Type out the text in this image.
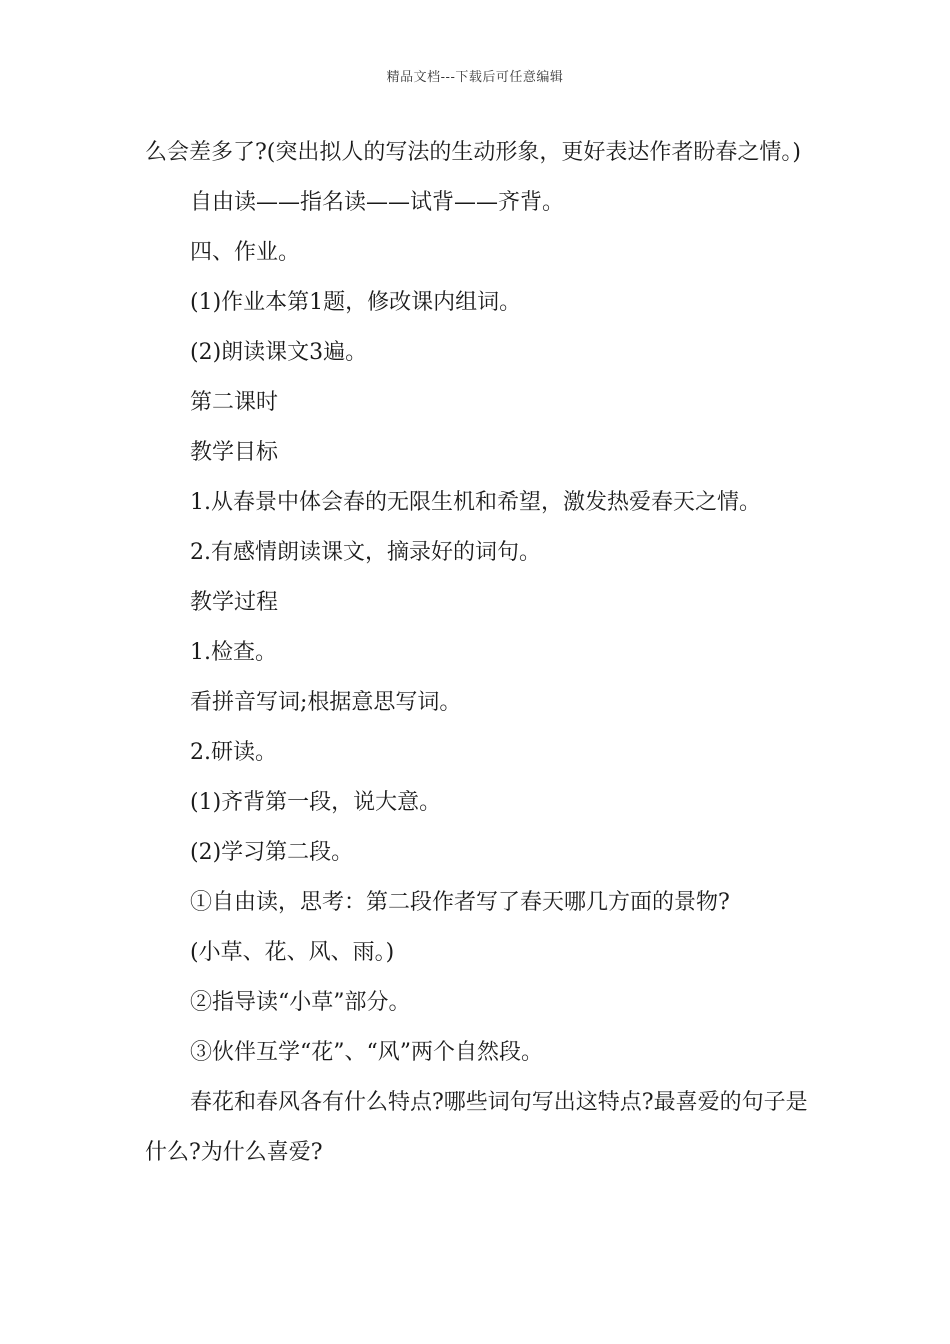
精品文档---下载后可任意编辑

么会差多了?(突出拟人的写法的生动形象，更好表达作者盼春之情。)

自由读——指名读——试背——齐背。

四、作业。

(1)作业本第1题，修改课内组词。

(2)朗读课文3遍。

第二课时

教学目标

1.从春景中体会春的无限生机和希望，激发热爱春天之情。

2.有感情朗读课文，摘录好的词句。

教学过程

1.检查。

看拼音写词;根据意思写词。

2.研读。

(1)齐背第一段，说大意。

(2)学习第二段。

①自由读，思考：第二段作者写了春天哪几方面的景物?

(小草、花、风、雨。)

②指导读“小草”部分。

③伙伴互学“花”、“风”两个自然段。

春花和春风各有什么特点?哪些词句写出这特点?最喜爱的句子是什么?为什么喜爱?
